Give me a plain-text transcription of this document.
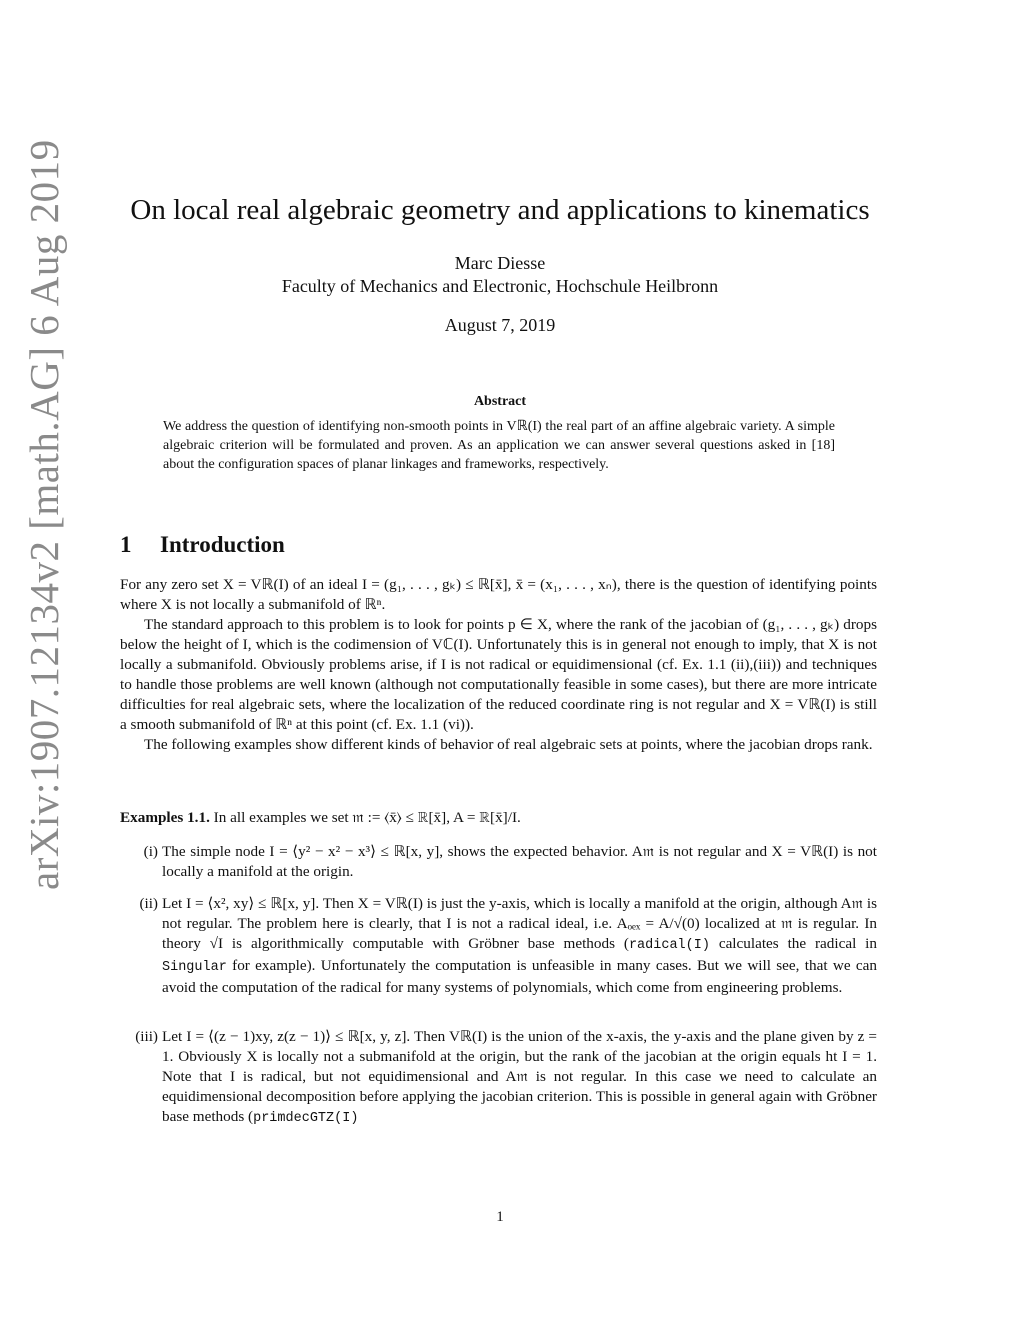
arXiv:1907.12134v2 [math.AG] 6 Aug 2019	On local real algebraic geometry and applications to kinematics
Marc Diesse
Faculty of Mechanics and Electronic, Hochschule Heilbronn
August 7, 2019
Abstract
We address the question of identifying non-smooth points in Vℝ(I) the real part of an affine algebraic variety. A simple algebraic criterion will be formulated and proven. As an application we can answer several questions asked in [18] about the configuration spaces of planar linkages and frameworks, respectively.
1 Introduction

For any zero set X = Vℝ(I) of an ideal I = (g₁, . . . , gₖ) ≤ ℝ[x̄], x̄ = (x₁, . . . , xₙ), there is the question of identifying points where X is not locally a submanifold of ℝⁿ.

The standard approach to this problem is to look for points p ∈ X, where the rank of the jacobian of (g₁, . . . , gₖ) drops below the height of I, which is the codimension of Vℂ(I). Unfortunately this is in general not enough to imply, that X is not locally a submanifold. Obviously problems arise, if I is not radical or equidimensional (cf. Ex. 1.1 (ii),(iii)) and techniques to handle those problems are well known (although not computationally feasible in some cases), but there are more intricate difficulties for real algebraic sets, where the localization of the reduced coordinate ring is not regular and X = Vℝ(I) is still a smooth submanifold of ℝⁿ at this point (cf. Ex. 1.1 (vi)).

The following examples show different kinds of behavior of real algebraic sets at points, where the jacobian drops rank.

Examples 1.1. In all examples we set 𝔪 := ⟨x̄⟩ ≤ ℝ[x̄], A = ℝ[x̄]/I.
(i) The simple node I = ⟨y² − x² − x³⟩ ≤ ℝ[x, y], shows the expected behavior. A𝔪 is not regular and X = Vℝ(I) is not locally a manifold at the origin.
(ii) Let I = ⟨x², xy⟩ ≤ ℝ[x, y]. Then X = Vℝ(I) is just the y-axis, which is locally a manifold at the origin, although A𝔪 is not regular. The problem here is clearly, that I is not a radical ideal, i.e. Aₒₑₓ = A/√(0) localized at 𝔪 is regular. In theory √I is algorithmically computable with Gröbner base methods (radical(I) calculates the radical in Singular for example). Unfortunately the computation is unfeasible in many cases. But we will see, that we can avoid the computation of the radical for many systems of polynomials, which come from engineering problems.
(iii) Let I = ⟨(z − 1)xy, z(z − 1)⟩ ≤ ℝ[x, y, z]. Then Vℝ(I) is the union of the x-axis, the y-axis and the plane given by z = 1. Obviously X is locally not a submanifold at the origin, but the rank of the jacobian at the origin equals ht I = 1. Note that I is radical, but not equidimensional and A𝔪 is not regular. In this case we need to calculate an equidimensional decomposition before applying the jacobian criterion. This is possible in general again with Gröbner base methods (primdecGTZ(I)
1
